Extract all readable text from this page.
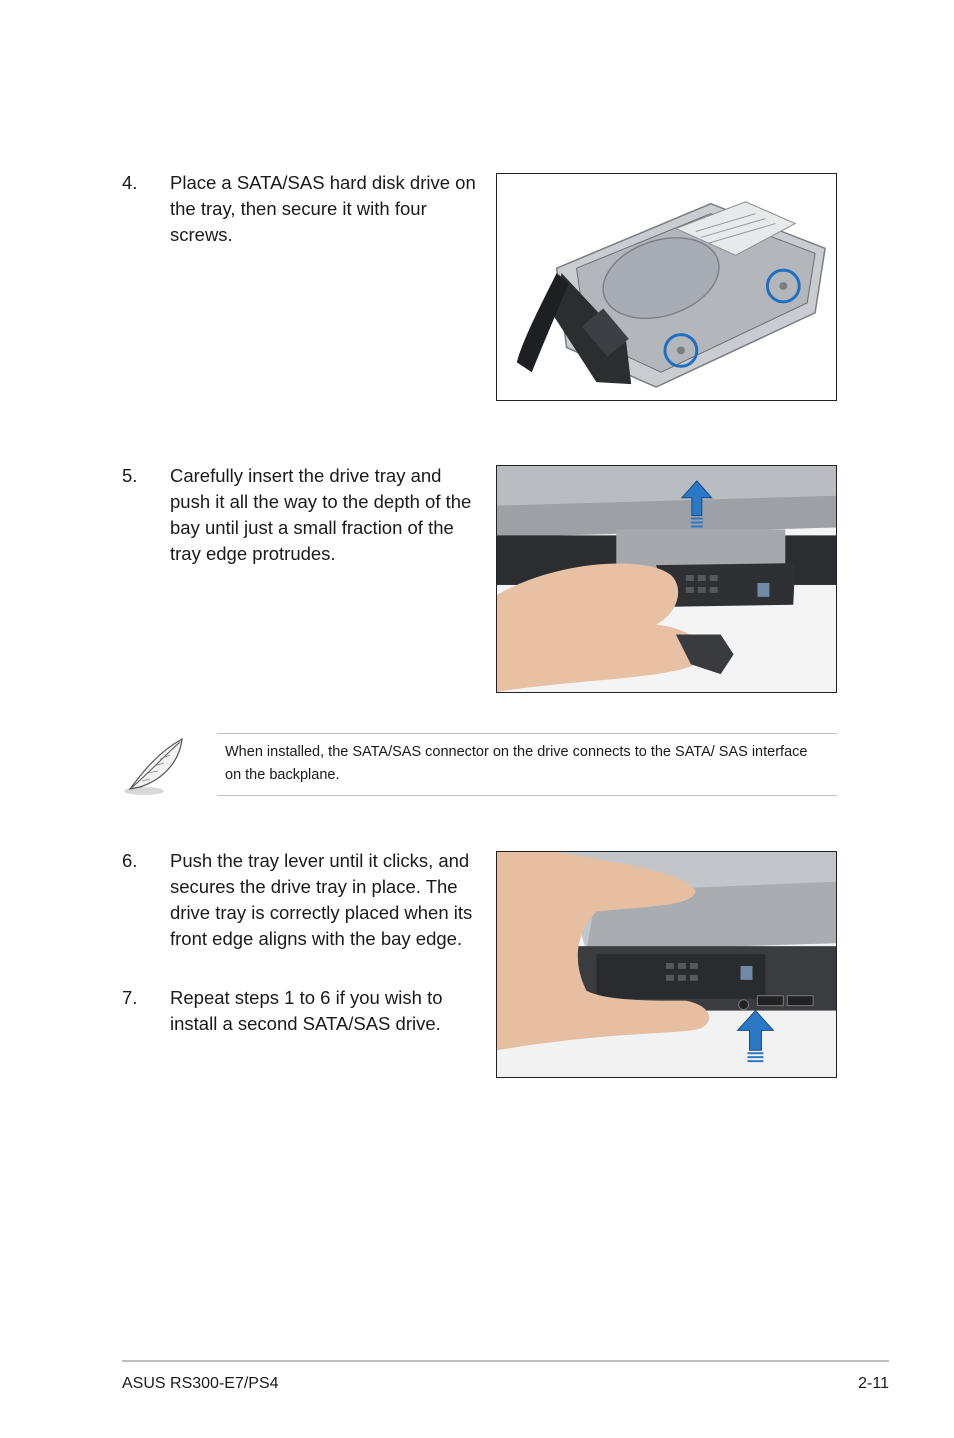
4. Place a SATA/SAS hard disk drive on the tray, then secure it with four screws.
5. Carefully insert the drive tray and push it all the way to the depth of the bay until just a small fraction of the tray edge protrudes.
When installed, the SATA/SAS connector on the drive connects to the SATA/ SAS interface on the backplane.
6. Push the tray lever until it clicks, and secures the drive tray in place. The drive tray is correctly placed when its front edge aligns with the bay edge.
7. Repeat steps 1 to 6 if you wish to install a second SATA/SAS drive.
ASUS RS300-E7/PS4	2-11
